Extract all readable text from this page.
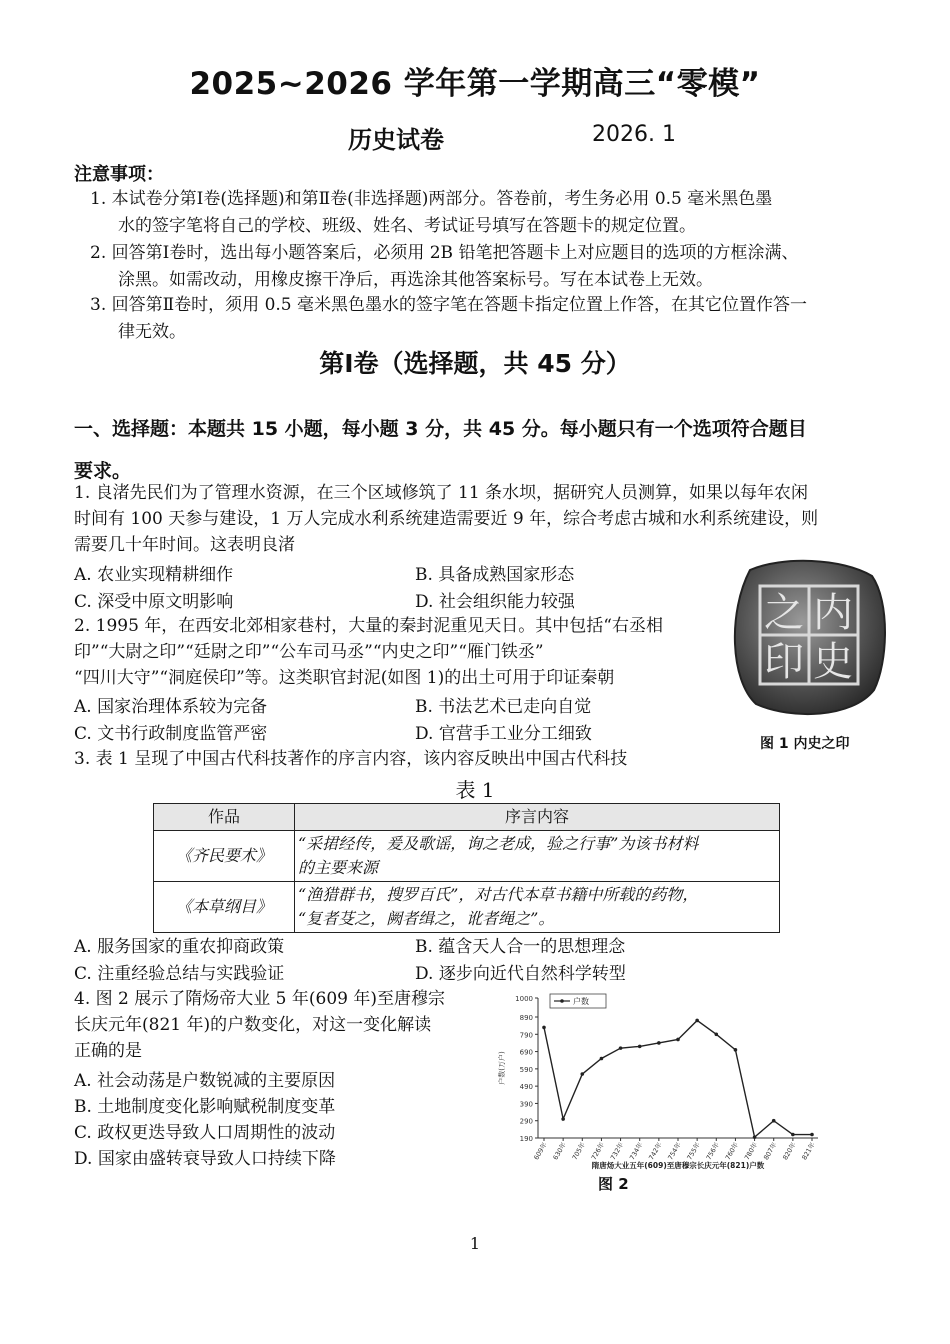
2025~2026 学年第一学期高三“零模”
历史试卷	2026. 1
注意事项：
1. 本试卷分第Ⅰ卷(选择题)和第Ⅱ卷(非选择题)两部分。答卷前，考生务必用 0.5 毫米黑色墨
水的签字笔将自己的学校、班级、姓名、考试证号填写在答题卡的规定位置。
2. 回答第Ⅰ卷时，选出每小题答案后，必须用 2B 铅笔把答题卡上对应题目的选项的方框涂满、
涂黑。如需改动，用橡皮擦干净后，再选涂其他答案标号。写在本试卷上无效。
3. 回答第Ⅱ卷时，须用 0.5 毫米黑色墨水的签字笔在答题卡指定位置上作答，在其它位置作答一
律无效。
第Ⅰ卷（选择题，共 45 分）
一、选择题：本题共 15 小题，每小题 3 分，共 45 分。每小题只有一个选项符合题目
要求。
1. 良渚先民们为了管理水资源，在三个区域修筑了 11 条水坝，据研究人员测算，如果以每年农闲
时间有 100 天参与建设，1 万人完成水利系统建造需要近 9 年，综合考虑古城和水利系统建设，则
需要几十年时间。这表明良渚
A. 农业实现精耕细作	B. 具备成熟国家形态
C. 深受中原文明影响	D. 社会组织能力较强
2. 1995 年，在西安北郊相家巷村，大量的秦封泥重见天日。其中包括“右丞相
印”“大尉之印”“廷尉之印”“公车司马丞”“内史之印”“雁门铁丞”
“四川大守”“洞庭侯印”等。这类职官封泥(如图 1)的出土可用于印证秦朝
A. 国家治理体系较为完备	B. 书法艺术已走向自觉
C. 文书行政制度监管严密	D. 官营手工业分工细致
内
史
之
印
图 1 内史之印
3. 表 1 呈现了中国古代科技著作的序言内容，该内容反映出中国古代科技
表 1
作品	序言内容
《齐民要术》	“采捃经传，爰及歌谣，询之老成，验之行事”为该书材料
的主要来源

《本草纲目》	“渔猎群书，搜罗百氏”，对古代本草书籍中所载的药物，
“复者芟之，阙者缉之，讹者绳之”。
A. 服务国家的重农抑商政策	B. 蕴含天人合一的思想理念
C. 注重经验总结与实践验证	D. 逐步向近代自然科学转型
4. 图 2 展示了隋炀帝大业 5 年(609 年)至唐穆宗
长庆元年(821 年)的户数变化，对这一变化解读
正确的是
A. 社会动荡是户数锐减的主要原因
B. 土地制度变化影响赋税制度变革
C. 政权更迭导致人口周期性的波动
D. 国家由盛转衰导致人口持续下降
190
290
390
490
590
690
790
890
1000
户数(万户)
609年 630年 705年 726年 732年 734年 742年 754年 755年 756年 760年 780年 807年 820年 821年
隋唐炀大业五年(609)至唐穆宗长庆元年(821)户数
户数
图 2
1
